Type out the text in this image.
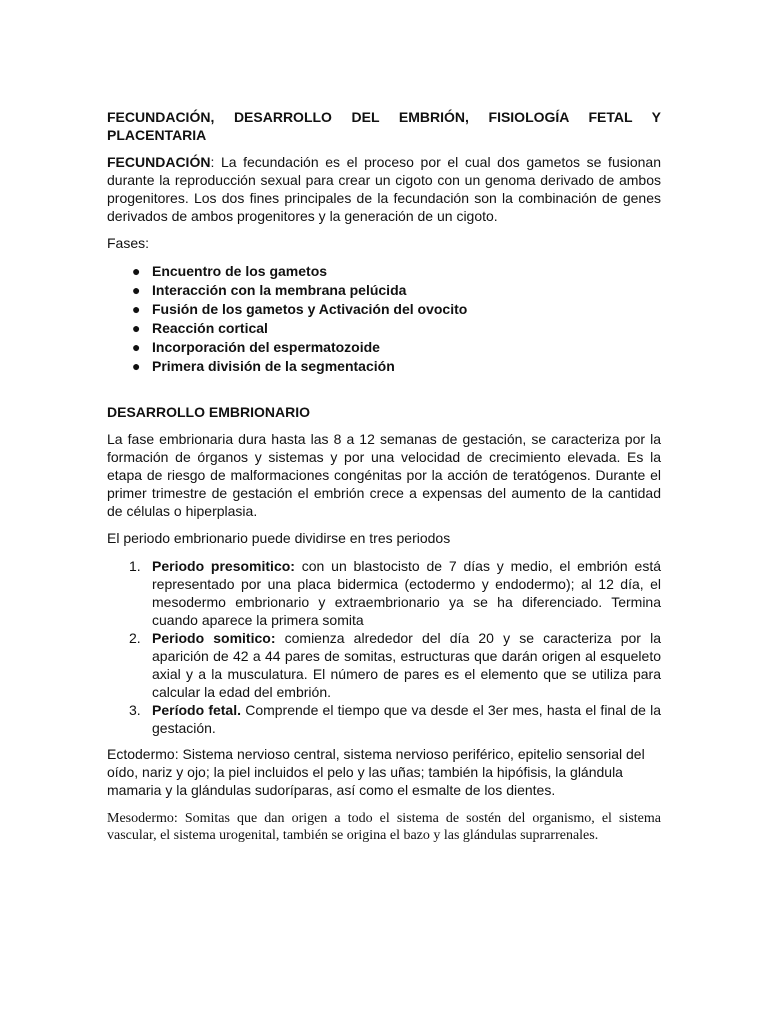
FECUNDACIÓN, DESARROLLO DEL EMBRIÓN, FISIOLOGÍA FETAL Y PLACENTARIA

FECUNDACIÓN: La fecundación es el proceso por el cual dos gametos se fusionan durante la reproducción sexual para crear un cigoto con un genoma derivado de ambos progenitores. Los dos fines principales de la fecundación son la combinación de genes derivados de ambos progenitores y la generación de un cigoto.

Fases:

● Encuentro de los gametos
● Interacción con la membrana pelúcida
● Fusión de los gametos y Activación del ovocito
● Reacción cortical
● Incorporación del espermatozoide
● Primera división de la segmentación
DESARROLLO EMBRIONARIO

La fase embrionaria dura hasta las 8 a 12 semanas de gestación, se caracteriza por la formación de órganos y sistemas y por una velocidad de crecimiento elevada. Es la etapa de riesgo de malformaciones congénitas por la acción de teratógenos. Durante el primer trimestre de gestación el embrión crece a expensas del aumento de la cantidad de células o hiperplasia.

El periodo embrionario puede dividirse en tres periodos

1. Periodo presomitico: con un blastocisto de 7 días y medio, el embrión está representado por una placa bidermica (ectodermo y endodermo); al 12 día, el mesodermo embrionario y extraembrionario ya se ha diferenciado. Termina cuando aparece la primera somita
2. Periodo somitico: comienza alrededor del día 20 y se caracteriza por la aparición de 42 a 44 pares de somitas, estructuras que darán origen al esqueleto axial y a la musculatura. El número de pares es el elemento que se utiliza para calcular la edad del embrión.
3. Período fetal. Comprende el tiempo que va desde el 3er mes, hasta el final de la gestación.

Ectodermo: Sistema nervioso central, sistema nervioso periférico, epitelio sensorial del oído, nariz y ojo; la piel incluidos el pelo y las uñas; también la hipófisis, la glándula mamaria y la glándulas sudoríparas, así como el esmalte de los dientes.

Mesodermo: Somitas que dan origen a todo el sistema de sostén del organismo, el sistema vascular, el sistema urogenital, también se origina el bazo y las glándulas suprarrenales.
